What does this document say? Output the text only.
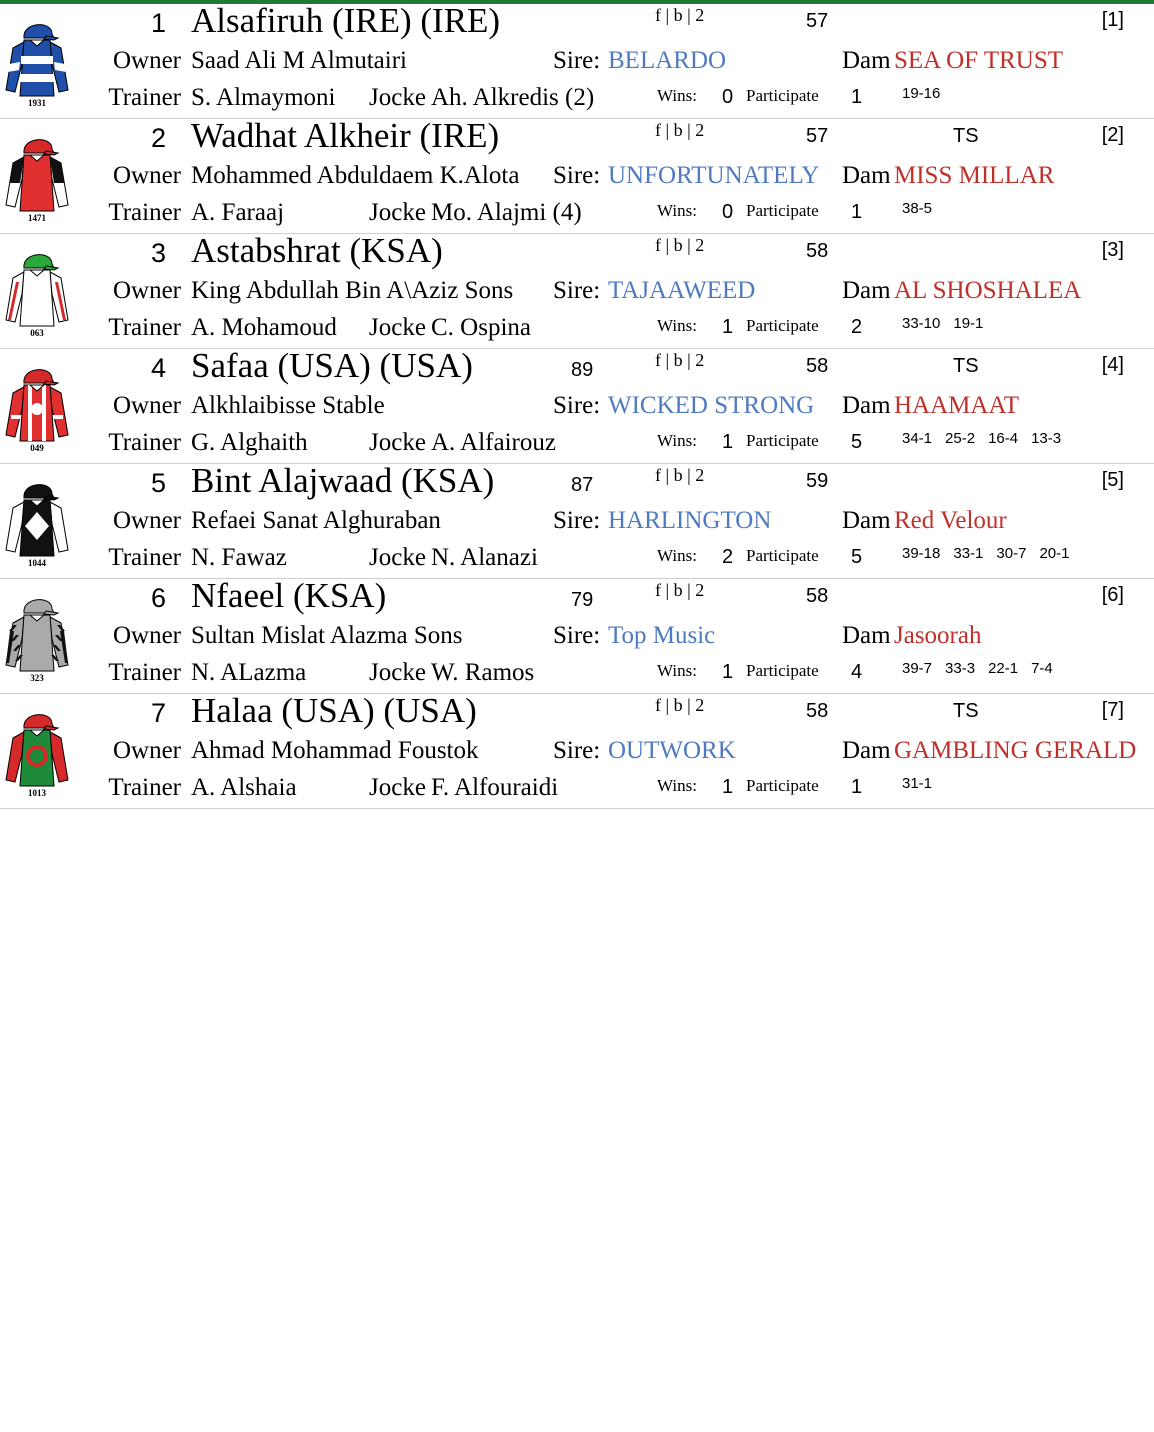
1931
1 Alsafiruh (IRE) (IRE)	f | b | 2	57	[1]
Owner Saad Ali M Almutairi	Sire: BELARDO	Dam SEA OF TRUST
Trainer S. Almaymoni Jocke Ah. Alkredis (2)	Wins: 0 Participate 1	19-16
1471
2 Wadhat Alkheir (IRE)	f | b | 2	57	TS	[2]
Owner Mohammed Abduldaem K.Alota Sire: UNFORTUNATELY Dam MISS MILLAR
Trainer A. Faraaj	Jocke Mo. Alajmi (4)	Wins: 0 Participate 1	38-5
063
3 Astabshrat (KSA)	f | b | 2	58	[3]
Owner King Abdullah Bin A\Aziz Sons Sire: TAJAAWEED	Dam AL SHOSHALEA
Trainer A. Mohamoud Jocke C. Ospina	Wins: 1 Participate 2	33-10 19-1
049
4 Safaa (USA) (USA)	89	f | b | 2	58	TS	[4]
Owner Alkhlaibisse Stable	Sire: WICKED STRONG Dam HAAMAAT
Trainer G. Alghaith Jocke A. Alfairouz	Wins: 1 Participate 5	34-1 25-2 16-4 13-3
1044
5 Bint Alajwaad (KSA)	87	f | b | 2	59	[5]
Owner Refaei Sanat Alghuraban	Sire: HARLINGTON	Dam Red Velour
Trainer N. Fawaz	Jocke N. Alanazi	Wins: 2 Participate 5	39-18 33-1 30-7 20-1
323
6 Nfaeel (KSA)	79	f | b | 2	58	[6]
Owner Sultan Mislat Alazma Sons	Sire: Top Music	Dam Jasoorah
Trainer N. ALazma	Jocke W. Ramos	Wins: 1 Participate 4	39-7 33-3 22-1 7-4
1013
7 Halaa (USA) (USA)	f | b | 2	58	TS	[7]
Owner Ahmad Mohammad Foustok	Sire: OUTWORK	Dam GAMBLING GERALD
Trainer A. Alshaia	Jocke F. Alfouraidi	Wins: 1 Participate 1	31-1
